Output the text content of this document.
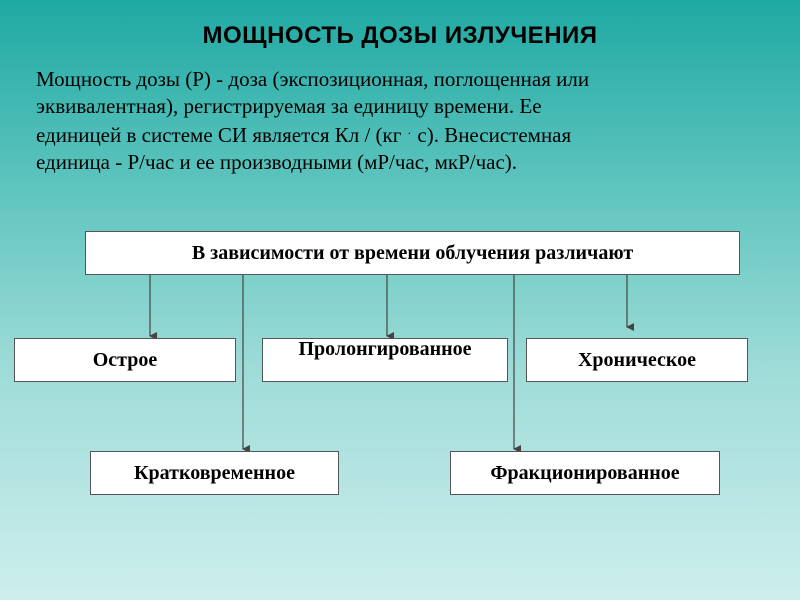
МОЩНОСТЬ ДОЗЫ ИЗЛУЧЕНИЯ
Мощность дозы (Р) - доза (экспозиционная, поглощенная или
эквивалентная), регистрируемая за единицу времени. Ее
единицей в системе СИ является Кл / (кг · с). Внесистемная
единица - Р/час и ее производными (мР/час, мкР/час).
В зависимости от времени облучения различают
Острое	Пролонгированное	Хроническое
Кратковременное	Фракционированное
